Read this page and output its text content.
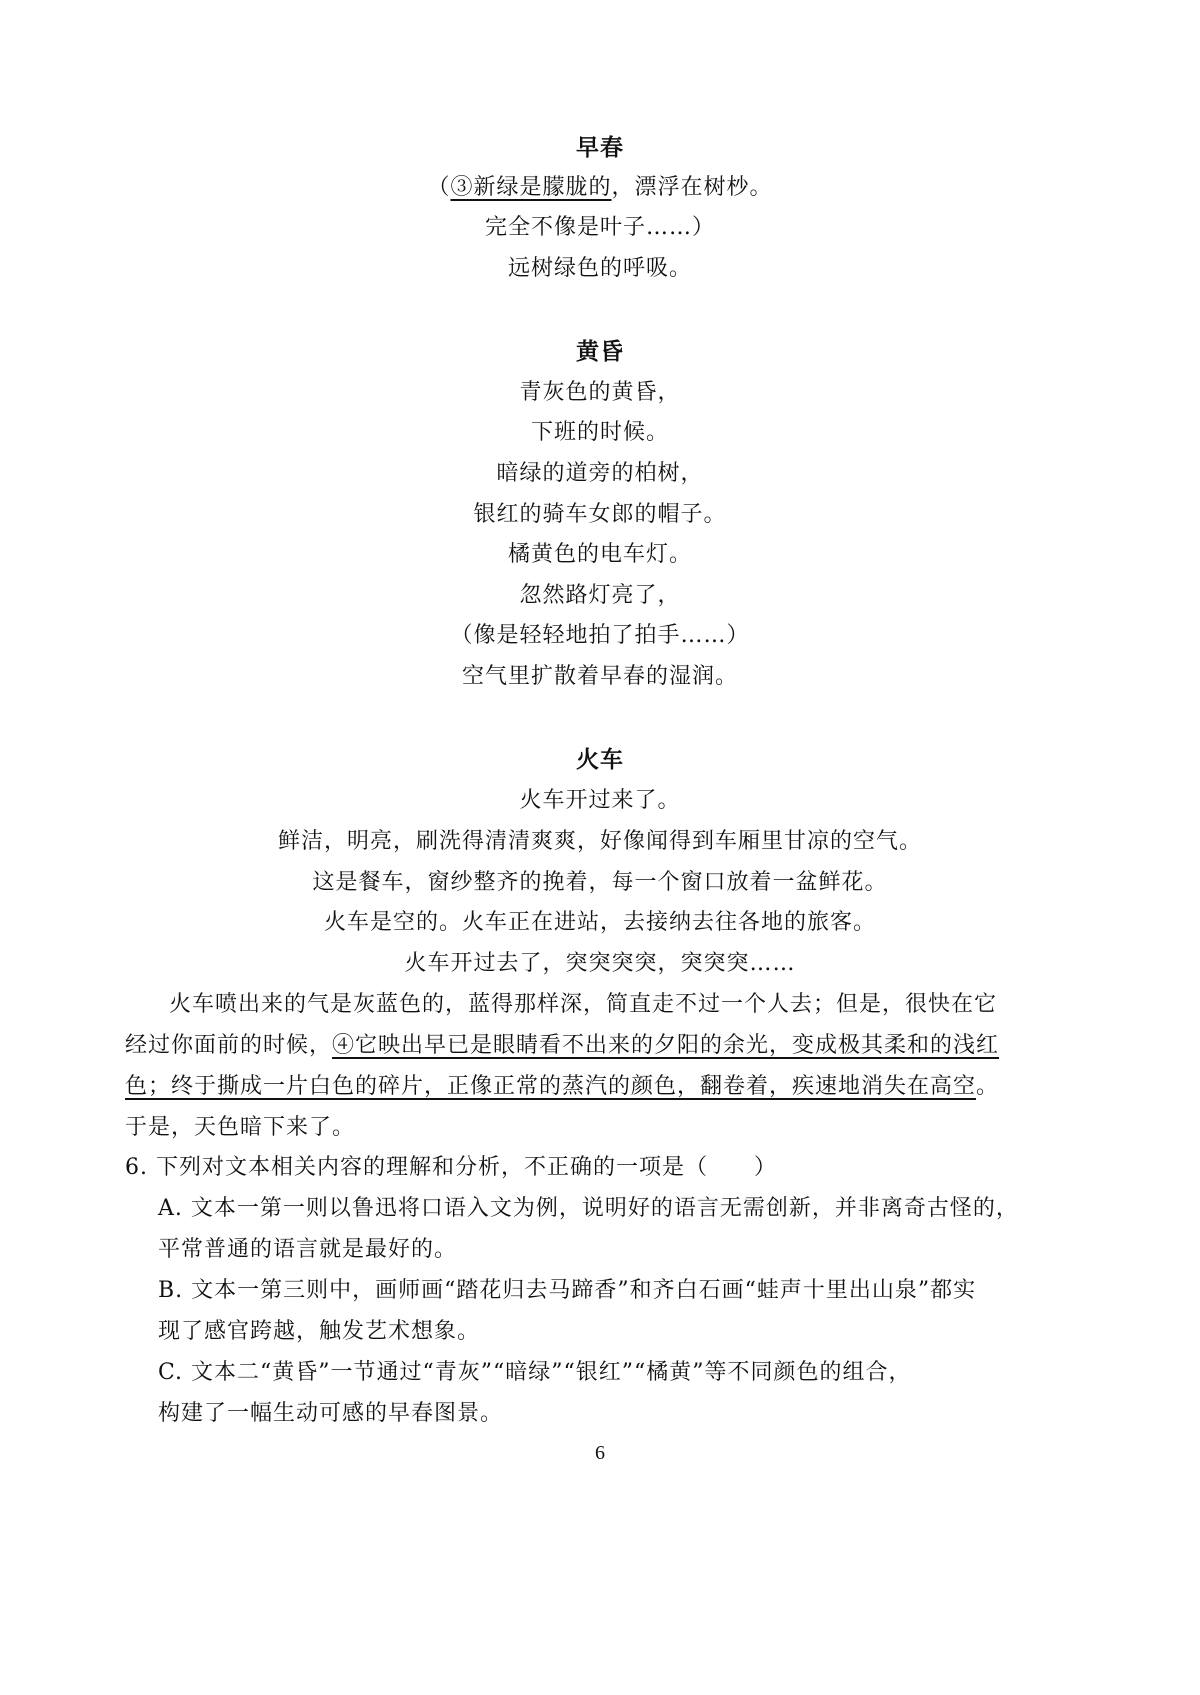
早春
（③新绿是朦胧的，漂浮在树杪。
完全不像是叶子……）
远树绿色的呼吸。
黄昏
青灰色的黄昏，
下班的时候。
暗绿的道旁的柏树，
银红的骑车女郎的帽子。
橘黄色的电车灯。
忽然路灯亮了，
（像是轻轻地拍了拍手……）
空气里扩散着早春的湿润。
火车
火车开过来了。
鲜洁，明亮，刷洗得清清爽爽，好像闻得到车厢里甘凉的空气。
这是餐车，窗纱整齐的挽着，每一个窗口放着一盆鲜花。
火车是空的。火车正在进站，去接纳去往各地的旅客。
火车开过去了，突突突突，突突突……
火车喷出来的气是灰蓝色的，蓝得那样深，简直走不过一个人去；但是，很快在它
经过你面前的时候，④它映出早已是眼睛看不出来的夕阳的余光，变成极其柔和的浅红
色；终于撕成一片白色的碎片，正像正常的蒸汽的颜色，翻卷着，疾速地消失在高空。
于是，天色暗下来了。
6. 下列对文本相关内容的理解和分析，不正确的一项是（　　）
A. 文本一第一则以鲁迅将口语入文为例，说明好的语言无需创新，并非离奇古怪的，
平常普通的语言就是最好的。
B. 文本一第三则中，画师画“踏花归去马蹄香”和齐白石画“蛙声十里出山泉”都实
现了感官跨越，触发艺术想象。
C. 文本二“黄昏”一节通过“青灰”“暗绿”“银红”“橘黄”等不同颜色的组合，
构建了一幅生动可感的早春图景。
6
